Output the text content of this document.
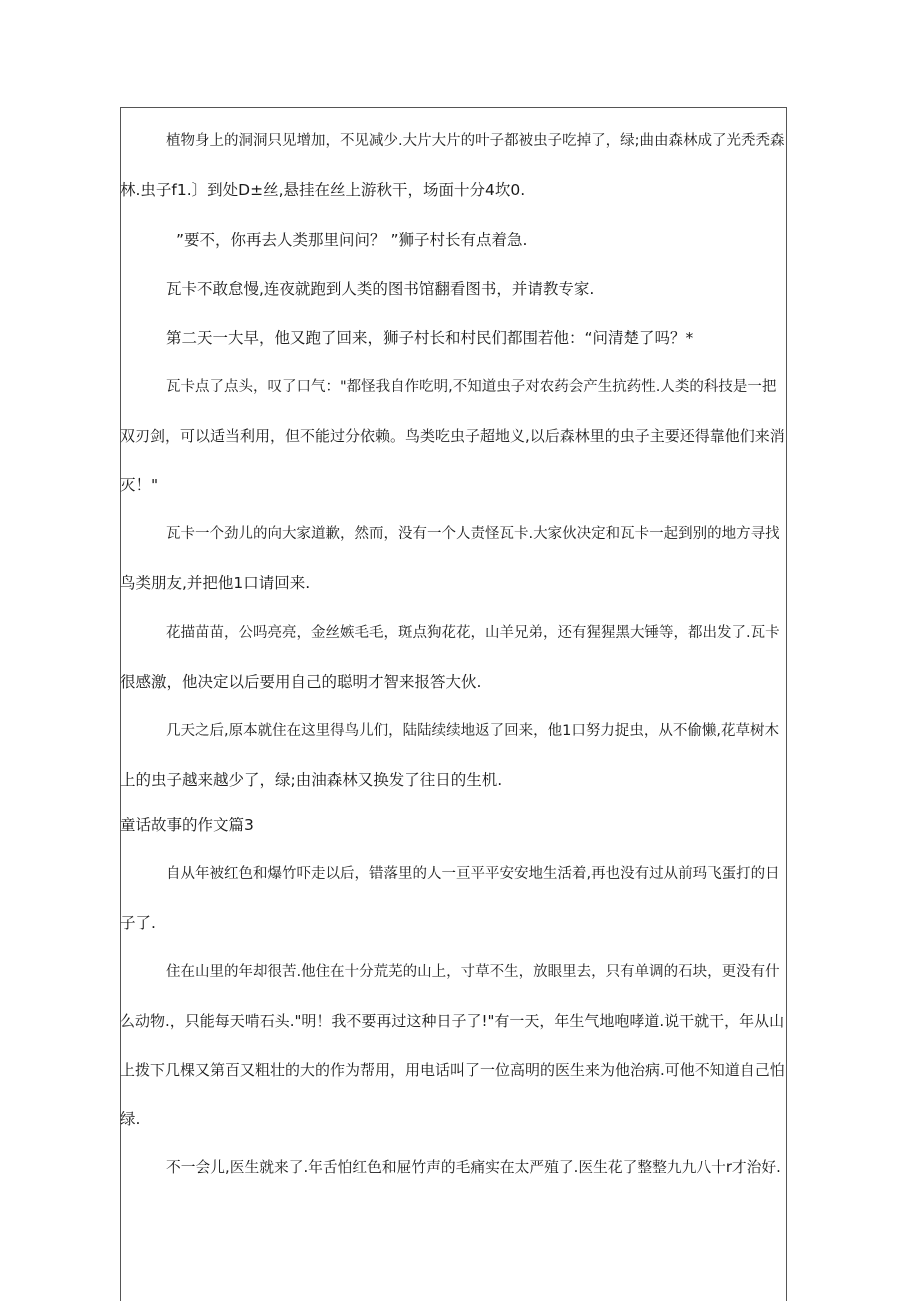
植物身上的洞洞只见增加，不见减少.大片大片的叶子都被虫子吃掉了，绿;曲由森林成了光秃秃森
林.虫子f1.〕到处D±丝,悬挂在丝上游秋干，场面十分4坎0.
”要不，你再去人类那里问问？ ”狮子村长有点着急.
瓦卡不敢怠慢,连夜就跑到人类的图书馆翻看图书，并请教专家.
第二天一大早，他又跑了回来，狮子村长和村民们都围若他：“问清楚了吗？*
瓦卡点了点头，叹了口气："都怪我自作吃明,不知道虫子对农药会产生抗药性.人类的科技是一把
双刃剑，可以适当利用，但不能过分依赖。鸟类吃虫子超地义,以后森林里的虫子主要还得靠他们来消
灭！"
瓦卡一个劲儿的向大家道歉，然而，没有一个人责怪瓦卡.大家伙决定和瓦卡一起到别的地方寻找
鸟类朋友,并把他1口请回来.
花描苗苗，公吗亮亮，金丝嫉毛毛，斑点狗花花，山羊兄弟，还有猩猩黑大锤等，都出发了.瓦卡
很感激，他决定以后要用自己的聪明才智来报答大伙.
几天之后,原本就住在这里得鸟儿们，陆陆续续地返了回来，他1口努力捉虫，从不偷懒,花草树木
上的虫子越来越少了，绿;由油森林又换发了往日的生机.
童话故事的作文篇3
自从年被红色和爆竹吓走以后，错落里的人一亘平平安安地生活着,再也没有过从前玛飞蛋打的日
子了.
住在山里的年却很苦.他住在十分荒芜的山上，寸草不生，放眼里去，只有单调的石块，更没有什
么动物.，只能每天啃石头."明！我不要再过这种日子了!"有一天，年生气地咆哮道.说干就干，年从山
上拨下几棵又第百又粗壮的大的作为帮用，用电话叫了一位高明的医生来为他治病.可他不知道自己怕
绿.
不一会儿,医生就来了.年舌怕红色和屉竹声的毛痛实在太严殖了.医生花了整整九九八十r才治好.
